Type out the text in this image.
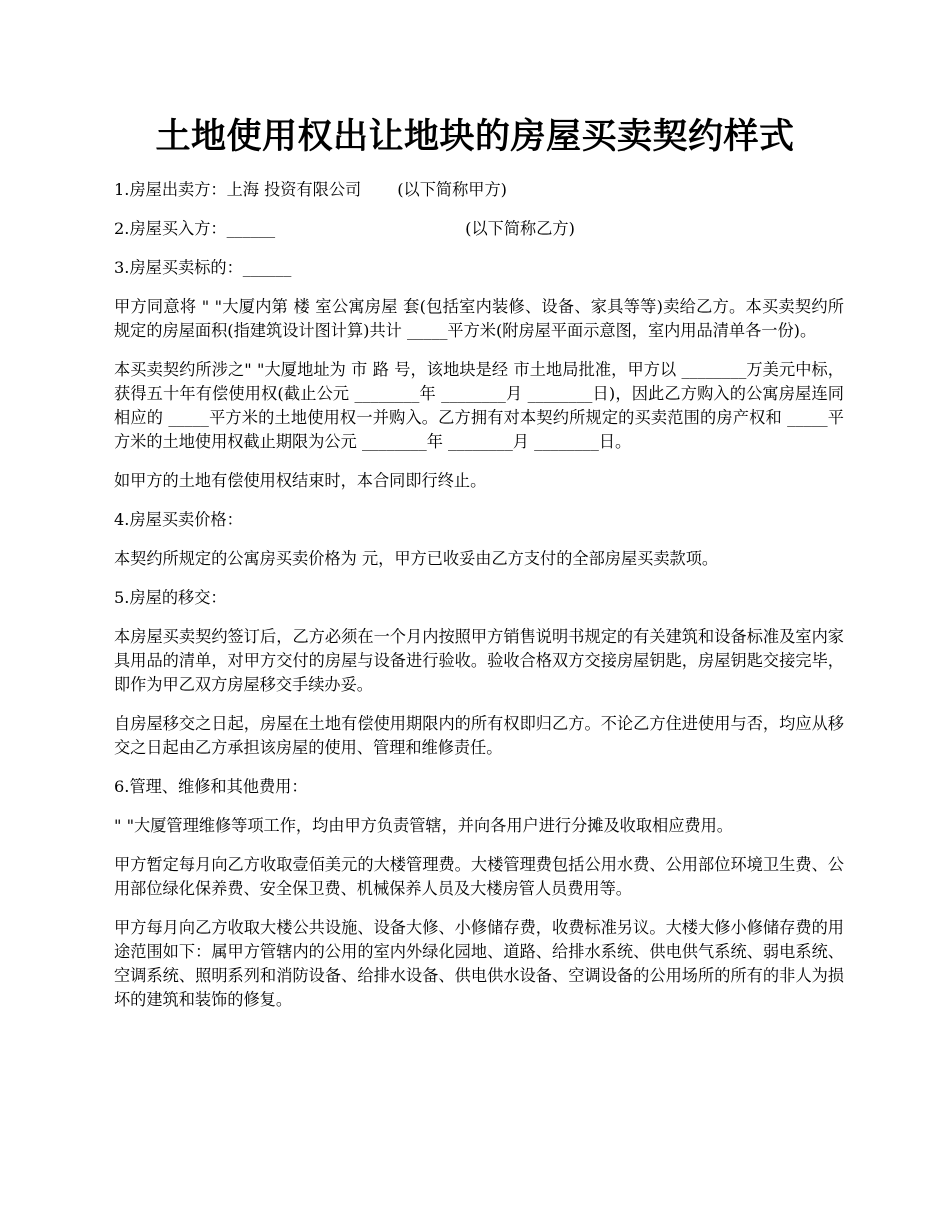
土地使用权出让地块的房屋买卖契约样式

1.房屋出卖方：上海 投资有限公司 (以下简称甲方)

2.房屋买入方：______	(以下简称乙方)

3.房屋买卖标的：______

甲方同意将 " "大厦内第 楼 室公寓房屋 套(包括室内装修、设备、家具等等)卖给乙方。本买卖契约所规定的房屋面积(指建筑设计图计算)共计 _____平方米(附房屋平面示意图，室内用品清单各一份)。

本买卖契约所涉之" "大厦地址为 市 路 号，该地块是经 市土地局批准，甲方以 ________万美元中标，获得五十年有偿使用权(截止公元 ________年 ________月 ________日)，因此乙方购入的公寓房屋连同相应的 _____平方米的土地使用权一并购入。乙方拥有对本契约所规定的买卖范围的房产权和 _____平方米的土地使用权截止期限为公元 ________年 ________月 ________日。

如甲方的土地有偿使用权结束时，本合同即行终止。

4.房屋买卖价格：

本契约所规定的公寓房买卖价格为 元，甲方已收妥由乙方支付的全部房屋买卖款项。

5.房屋的移交：

本房屋买卖契约签订后，乙方必须在一个月内按照甲方销售说明书规定的有关建筑和设备标准及室内家具用品的清单，对甲方交付的房屋与设备进行验收。验收合格双方交接房屋钥匙，房屋钥匙交接完毕，即作为甲乙双方房屋移交手续办妥。

自房屋移交之日起，房屋在土地有偿使用期限内的所有权即归乙方。不论乙方住进使用与否，均应从移交之日起由乙方承担该房屋的使用、管理和维修责任。

6.管理、维修和其他费用：

" "大厦管理维修等项工作，均由甲方负责管辖，并向各用户进行分摊及收取相应费用。

甲方暂定每月向乙方收取壹佰美元的大楼管理费。大楼管理费包括公用水费、公用部位环境卫生费、公用部位绿化保养费、安全保卫费、机械保养人员及大楼房管人员费用等。

甲方每月向乙方收取大楼公共设施、设备大修、小修储存费，收费标准另议。大楼大修小修储存费的用途范围如下：属甲方管辖内的公用的室内外绿化园地、道路、给排水系统、供电供气系统、弱电系统、空调系统、照明系列和消防设备、给排水设备、供电供水设备、空调设备的公用场所的所有的非人为损坏的建筑和装饰的修复。
